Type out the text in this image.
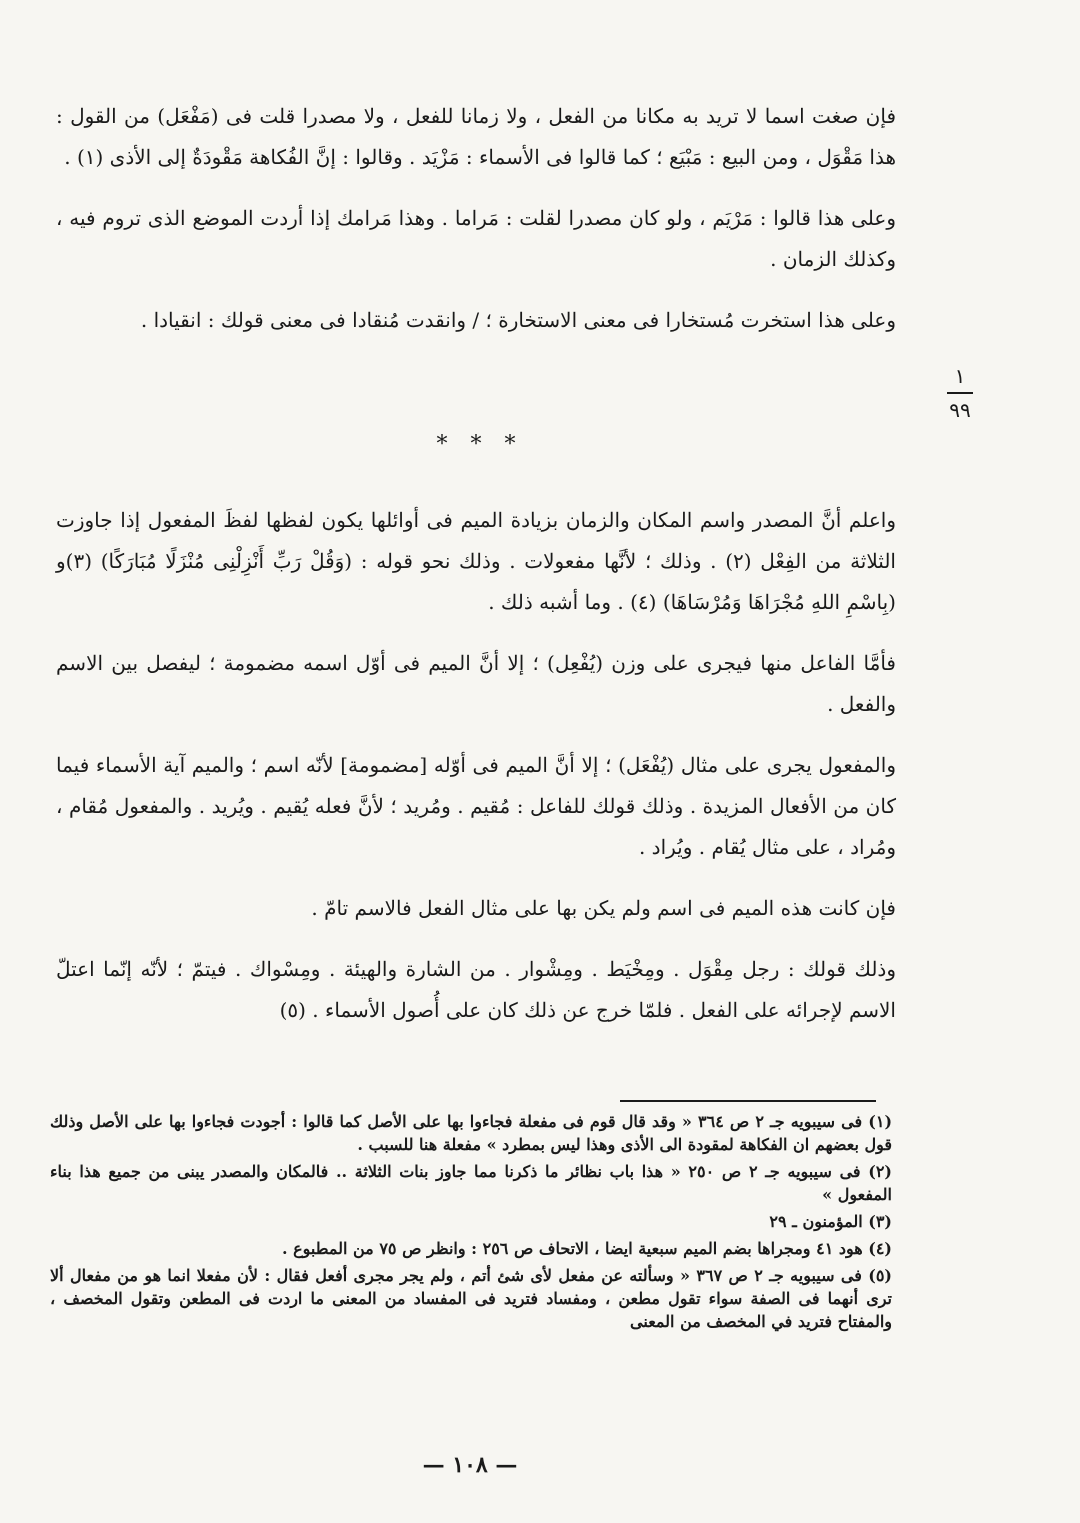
فإن صغت اسما لا تريد به مكانا من الفعل ، ولا زمانا للفعل ، ولا مصدرا قلت فى (مَفْعَل) من القول : هذا مَقْوَل ، ومن البيع : مَبْيَع ؛ كما قالوا فى الأسماء : مَزْيَد . وقالوا : إنَّ الفُكاهة مَقْودَةٌ إلى الأذى (١) .

وعلى هذا قالوا : مَرْيَم ، ولو كان مصدرا لقلت : مَراما . وهذا مَرامك إذا أردت الموضع الذى تروم فيه ، وكذلك الزمان .

وعلى هذا استخرت مُستخارا فى معنى الاستخارة ؛ / وانقدت مُنقادا فى معنى قولك : انقيادا .

١
٩٩
* * *

واعلم أنَّ المصدر واسم المكان والزمان بزيادة الميم فى أوائلها يكون لفظها لفظَ المفعول إذا جاوزت الثلاثة من الفِعْل (٢) . وذلك ؛ لأنَّها مفعولات . وذلك نحو قوله : (وَقُلْ رَبِّ أَنْزِلْنِى مُنْزَلًا مُبَارَكًا) (٣)و (بِاسْمِ اللهِ مُجْرَاهَا وَمُرْسَاهَا) (٤) . وما أشبه ذلك .

فأمَّا الفاعل منها فيجرى على وزن (يُفْعِل) ؛ إلا أنَّ الميم فى أوّل اسمه مضمومة ؛ ليفصل بين الاسم والفعل .

والمفعول يجرى على مثال (يُفْعَل) ؛ إلا أنَّ الميم فى أوّله [مضمومة] لأنّه اسم ؛ والميم آية الأسماء فيما كان من الأفعال المزيدة . وذلك قولك للفاعل : مُقيم . ومُريد ؛ لأنَّ فعله يُقيم . ويُريد . والمفعول مُقام ، ومُراد ، على مثال يُقام . ويُراد .

فإن كانت هذه الميم فى اسم ولم يكن بها على مثال الفعل فالاسم تامّ .

وذلك قولك : رجل مِقْوَل . ومِخْيَط . ومِشْوار . من الشارة والهيئة . ومِسْواك . فيتمّ ؛ لأنّه إنّما اعتلّ الاسم لإجرائه على الفعل . فلمّا خرج عن ذلك كان على أُصول الأسماء . (٥)

(١) فى سيبويه جـ ٢ ص ٣٦٤ « وقد قال قوم فى مفعلة فجاءوا بها على الأصل كما قالوا : أجودت فجاءوا بها على الأصل وذلك قول بعضهم ان الفكاهة لمقودة الى الأذى وهذا ليس بمطرد » مفعلة هنا للسبب .

(٢) فى سيبويه جـ ٢ ص ٢٥٠ « هذا باب نظائر ما ذكرنا مما جاوز بنات الثلاثة .. فالمكان والمصدر يبنى من جميع هذا بناء المفعول »

(٣) المؤمنون ـ ٢٩

(٤) هود ٤١ ومجراها بضم الميم سبعية ايضا ، الاتحاف ص ٢٥٦ : وانظر ص ٧٥ من المطبوع .

(٥) فى سيبويه جـ ٢ ص ٣٦٧ « وسألته عن مفعل لأى شئ أتم ، ولم يجر مجرى أفعل فقال : لأن مفعلا انما هو من مفعال ألا ترى أنهما فى الصفة سواء تقول مطعن ، ومفساد فتريد فى المفساد من المعنى ما اردت فى المطعن وتقول المخصف ، والمفتاح فتريد في المخصف من المعنى

— ١٠٨ —
